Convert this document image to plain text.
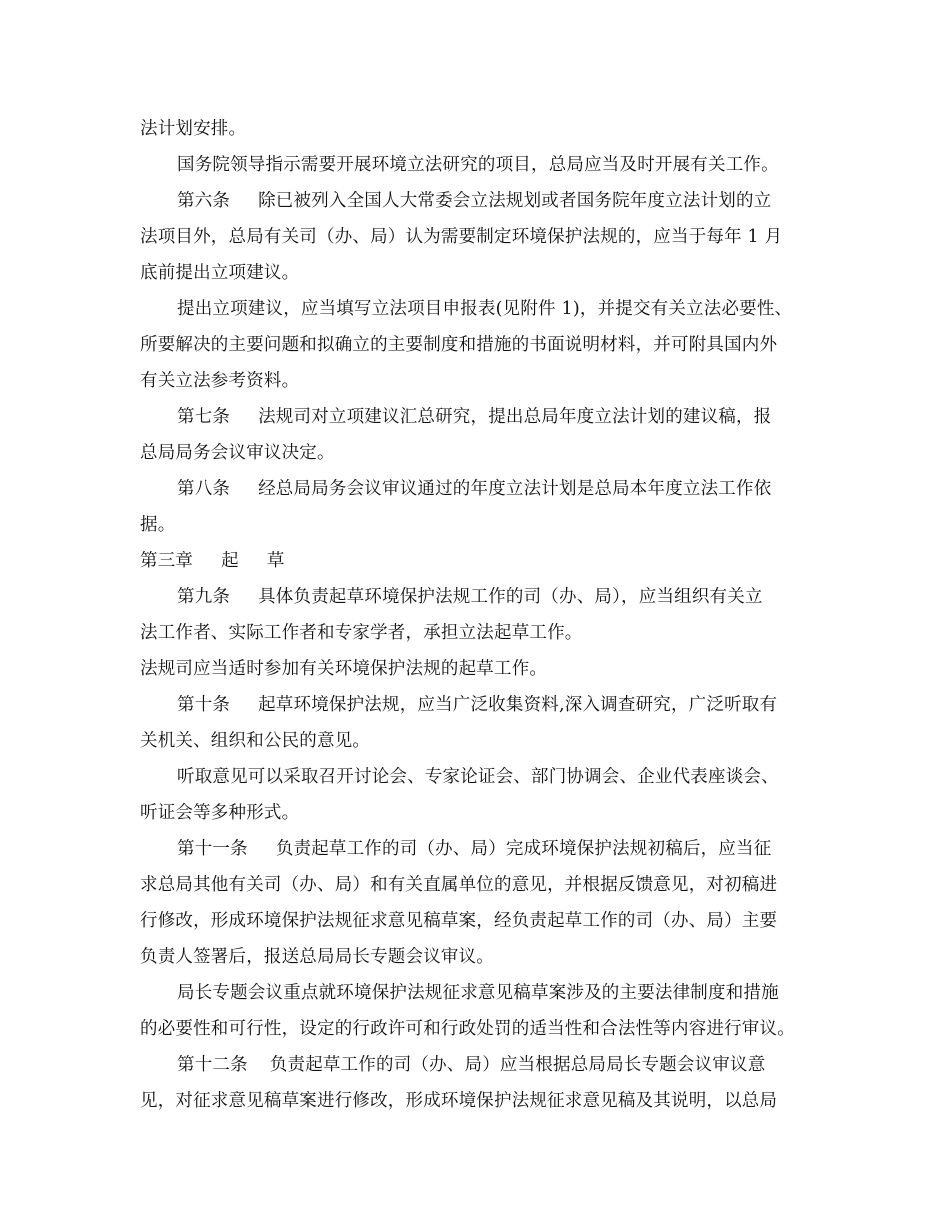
法计划安排。
国务院领导指示需要开展环境立法研究的项目，总局应当及时开展有关工作。
第六条 除已被列入全国人大常委会立法规划或者国务院年度立法计划的立
法项目外，总局有关司（办、局）认为需要制定环境保护法规的，应当于每年 1 月
底前提出立项建议。
提出立项建议，应当填写立法项目申报表(见附件 1)，并提交有关立法必要性、
所要解决的主要问题和拟确立的主要制度和措施的书面说明材料，并可附具国内外
有关立法参考资料。
第七条 法规司对立项建议汇总研究，提出总局年度立法计划的建议稿，报
总局局务会议审议决定。
第八条 经总局局务会议审议通过的年度立法计划是总局本年度立法工作依
据。
第三章 起 草
第九条 具体负责起草环境保护法规工作的司（办、局），应当组织有关立
法工作者、实际工作者和专家学者，承担立法起草工作。
法规司应当适时参加有关环境保护法规的起草工作。
第十条 起草环境保护法规，应当广泛收集资料,深入调查研究，广泛听取有
关机关、组织和公民的意见。
听取意见可以采取召开讨论会、专家论证会、部门协调会、企业代表座谈会、
听证会等多种形式。
第十一条 负责起草工作的司（办、局）完成环境保护法规初稿后，应当征
求总局其他有关司（办、局）和有关直属单位的意见，并根据反馈意见，对初稿进
行修改，形成环境保护法规征求意见稿草案，经负责起草工作的司（办、局）主要
负责人签署后，报送总局局长专题会议审议。
局长专题会议重点就环境保护法规征求意见稿草案涉及的主要法律制度和措施
的必要性和可行性，设定的行政许可和行政处罚的适当性和合法性等内容进行审议。
第十二条 负责起草工作的司（办、局）应当根据总局局长专题会议审议意
见，对征求意见稿草案进行修改，形成环境保护法规征求意见稿及其说明，以总局
